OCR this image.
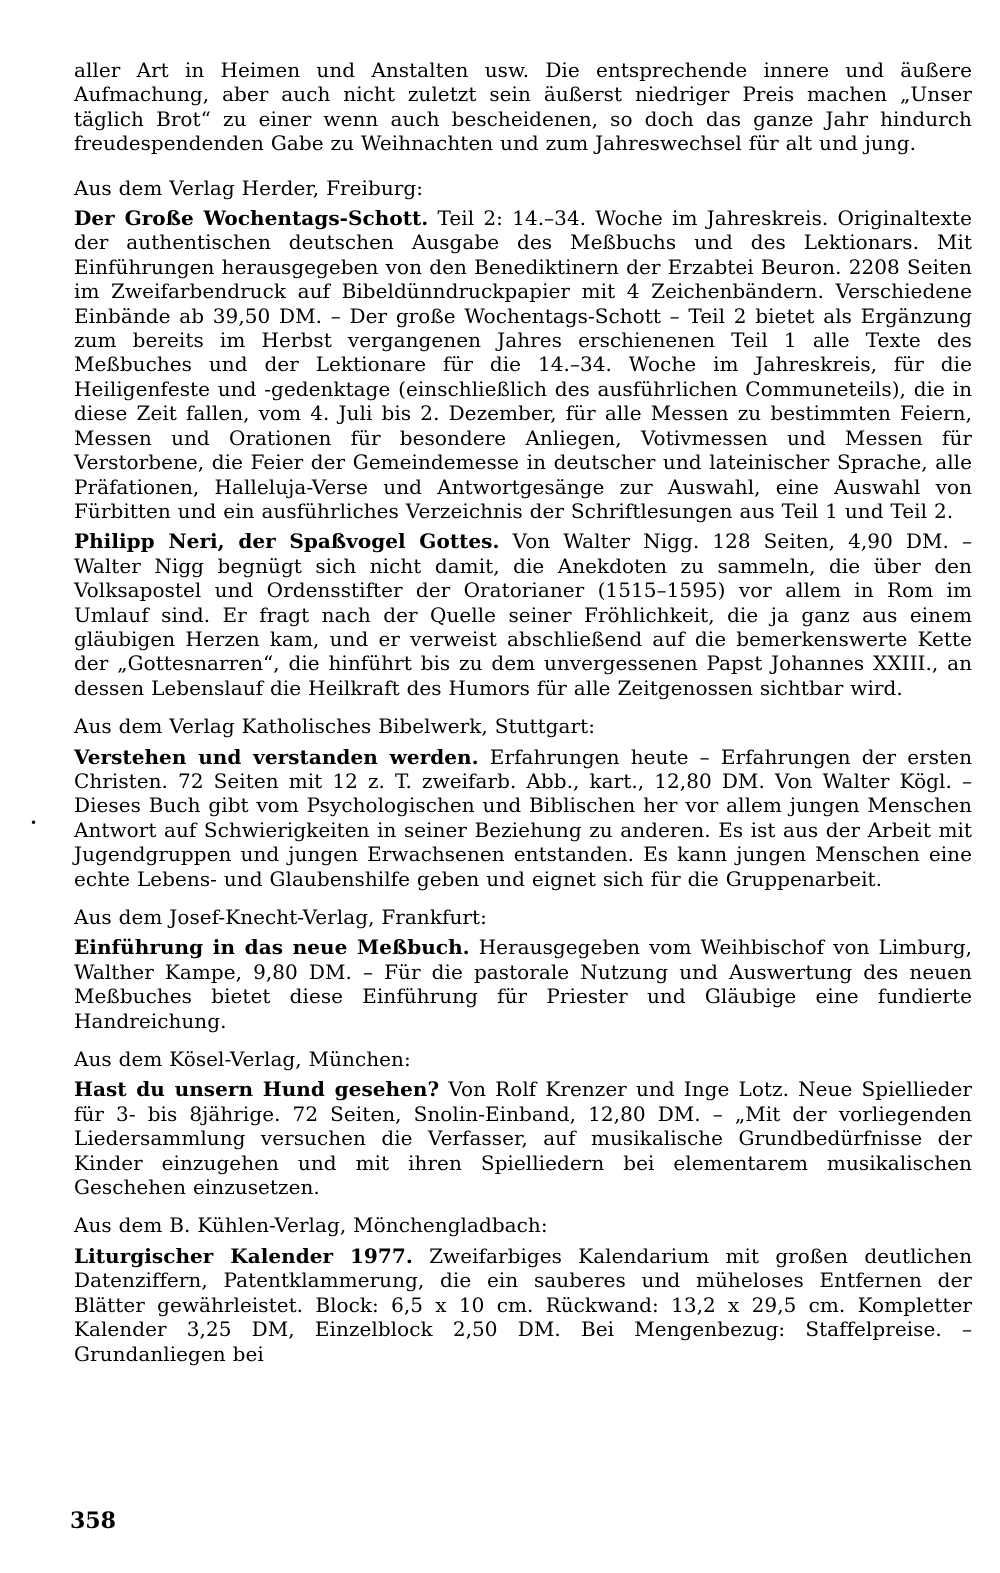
aller Art in Heimen und Anstalten usw. Die entsprechende innere und äußere Aufmachung, aber auch nicht zuletzt sein äußerst niedriger Preis machen „Unser täglich Brot“ zu einer wenn auch bescheidenen, so doch das ganze Jahr hindurch freudespendenden Gabe zu Weihnachten und zum Jahreswechsel für alt und jung.

Aus dem Verlag Herder, Freiburg:

Der Große Wochentags-Schott. Teil 2: 14.–34. Woche im Jahreskreis. Originaltexte der authentischen deutschen Ausgabe des Meßbuchs und des Lektionars. Mit Einführungen herausgegeben von den Benediktinern der Erzabtei Beuron. 2208 Seiten im Zweifarbendruck auf Bibeldünndruckpapier mit 4 Zeichenbändern. Verschiedene Einbände ab 39,50 DM. – Der große Wochentags-Schott – Teil 2 bietet als Ergänzung zum bereits im Herbst vergangenen Jahres erschienenen Teil 1 alle Texte des Meßbuches und der Lektionare für die 14.–34. Woche im Jahreskreis, für die Heiligenfeste und -gedenktage (einschließlich des ausführlichen Communeteils), die in diese Zeit fallen, vom 4. Juli bis 2. Dezember, für alle Messen zu bestimmten Feiern, Messen und Orationen für besondere Anliegen, Votivmessen und Messen für Verstorbene, die Feier der Gemeindemesse in deutscher und lateinischer Sprache, alle Präfationen, Halleluja-Verse und Antwortgesänge zur Auswahl, eine Auswahl von Fürbitten und ein ausführliches Verzeichnis der Schriftlesungen aus Teil 1 und Teil 2.

Philipp Neri, der Spaßvogel Gottes. Von Walter Nigg. 128 Seiten, 4,90 DM. – Walter Nigg begnügt sich nicht damit, die Anekdoten zu sammeln, die über den Volksapostel und Ordensstifter der Oratorianer (1515–1595) vor allem in Rom im Umlauf sind. Er fragt nach der Quelle seiner Fröhlichkeit, die ja ganz aus einem gläubigen Herzen kam, und er verweist abschließend auf die bemerkenswerte Kette der „Gottesnarren“, die hinführt bis zu dem unvergessenen Papst Johannes XXIII., an dessen Lebenslauf die Heilkraft des Humors für alle Zeitgenossen sichtbar wird.

Aus dem Verlag Katholisches Bibelwerk, Stuttgart:

Verstehen und verstanden werden. Erfahrungen heute – Erfahrungen der ersten Christen. 72 Seiten mit 12 z. T. zweifarb. Abb., kart., 12,80 DM. Von Walter Kögl. – Dieses Buch gibt vom Psychologischen und Biblischen her vor allem jungen Menschen Antwort auf Schwierigkeiten in seiner Beziehung zu anderen. Es ist aus der Arbeit mit Jugendgruppen und jungen Erwachsenen entstanden. Es kann jungen Menschen eine echte Lebens- und Glaubenshilfe geben und eignet sich für die Gruppenarbeit.

Aus dem Josef-Knecht-Verlag, Frankfurt:

Einführung in das neue Meßbuch. Herausgegeben vom Weihbischof von Limburg, Walther Kampe, 9,80 DM. – Für die pastorale Nutzung und Auswertung des neuen Meßbuches bietet diese Einführung für Priester und Gläubige eine fundierte Handreichung.

Aus dem Kösel-Verlag, München:

Hast du unsern Hund gesehen? Von Rolf Krenzer und Inge Lotz. Neue Spiellieder für 3- bis 8jährige. 72 Seiten, Snolin-Einband, 12,80 DM. – „Mit der vorliegenden Liedersammlung versuchen die Verfasser, auf musikalische Grundbedürfnisse der Kinder einzugehen und mit ihren Spielliedern bei elementarem musikalischen Geschehen einzusetzen.

Aus dem B. Kühlen-Verlag, Mönchengladbach:

Liturgischer Kalender 1977. Zweifarbiges Kalendarium mit großen deutlichen Datenziffern, Patentklammerung, die ein sauberes und müheloses Entfernen der Blätter gewährleistet. Block: 6,5 x 10 cm. Rückwand: 13,2 x 29,5 cm. Kompletter Kalender 3,25 DM, Einzelblock 2,50 DM. Bei Mengenbezug: Staffelpreise. – Grundanliegen bei

•
358
